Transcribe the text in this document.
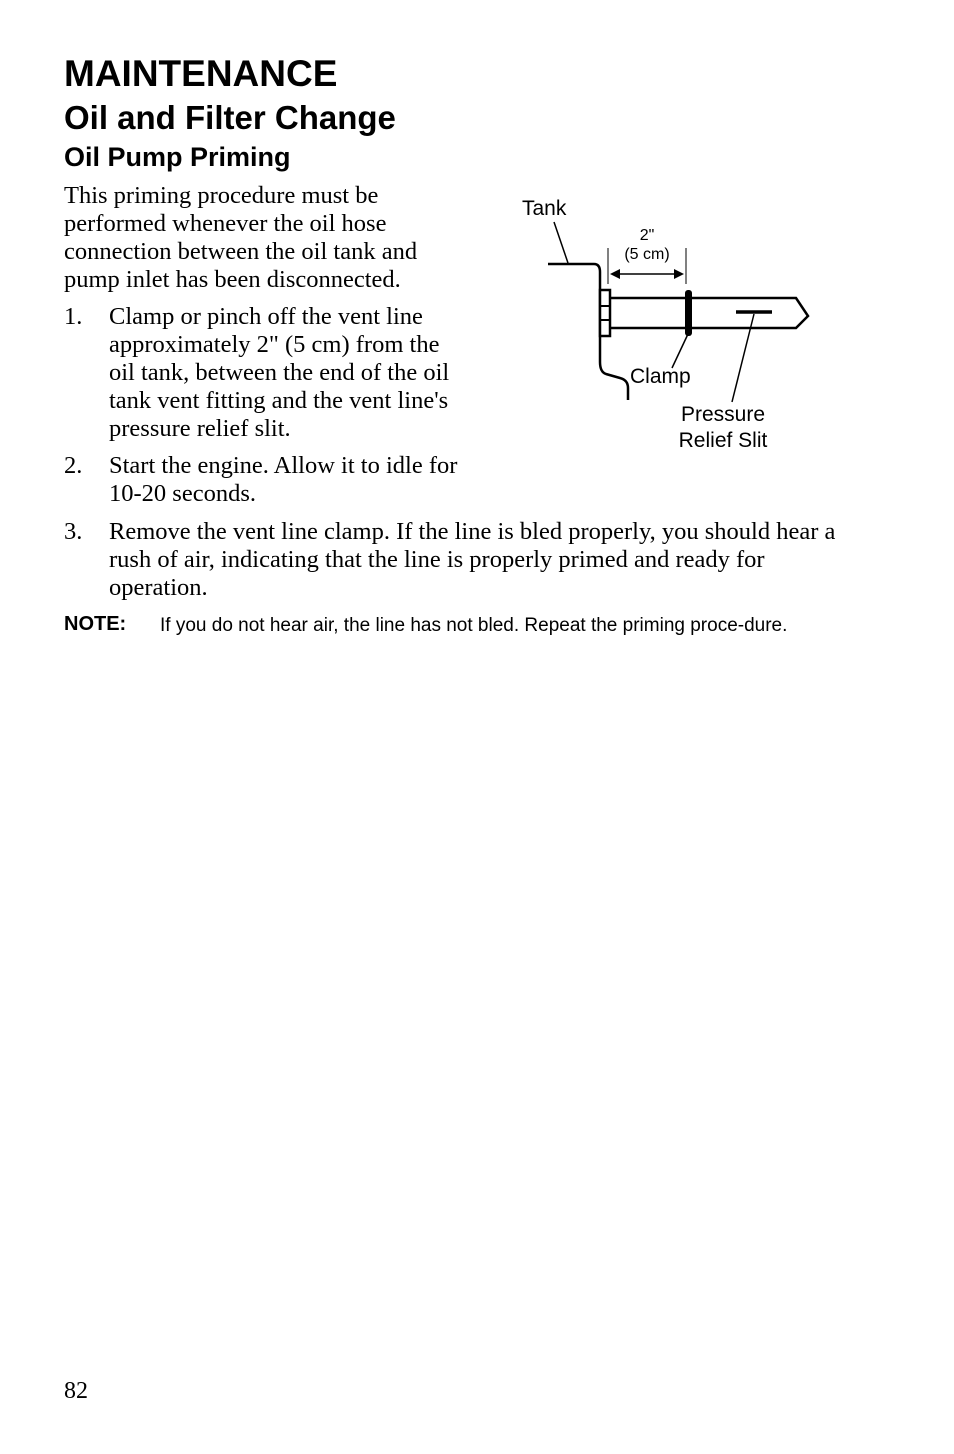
MAINTENANCE
Oil and Filter Change
Oil Pump Priming

This priming procedure must be performed whenever the oil hose connection between the oil tank and pump inlet has been disconnected.

1. Clamp or pinch off the vent line approximately 2" (5 cm) from the oil tank, between the end of the oil tank vent fitting and the vent line's pressure relief slit.
2. Start the engine. Allow it to idle for 10-20 seconds.
3. Remove the vent line clamp. If the line is bled properly, you should hear a rush of air, indicating that the line is properly primed and ready for operation.
NOTE: If you do not hear air, the line has not bled. Repeat the priming proce-dure.
Tank
2"
(5 cm)
Clamp
Pressure
Relief Slit
82
